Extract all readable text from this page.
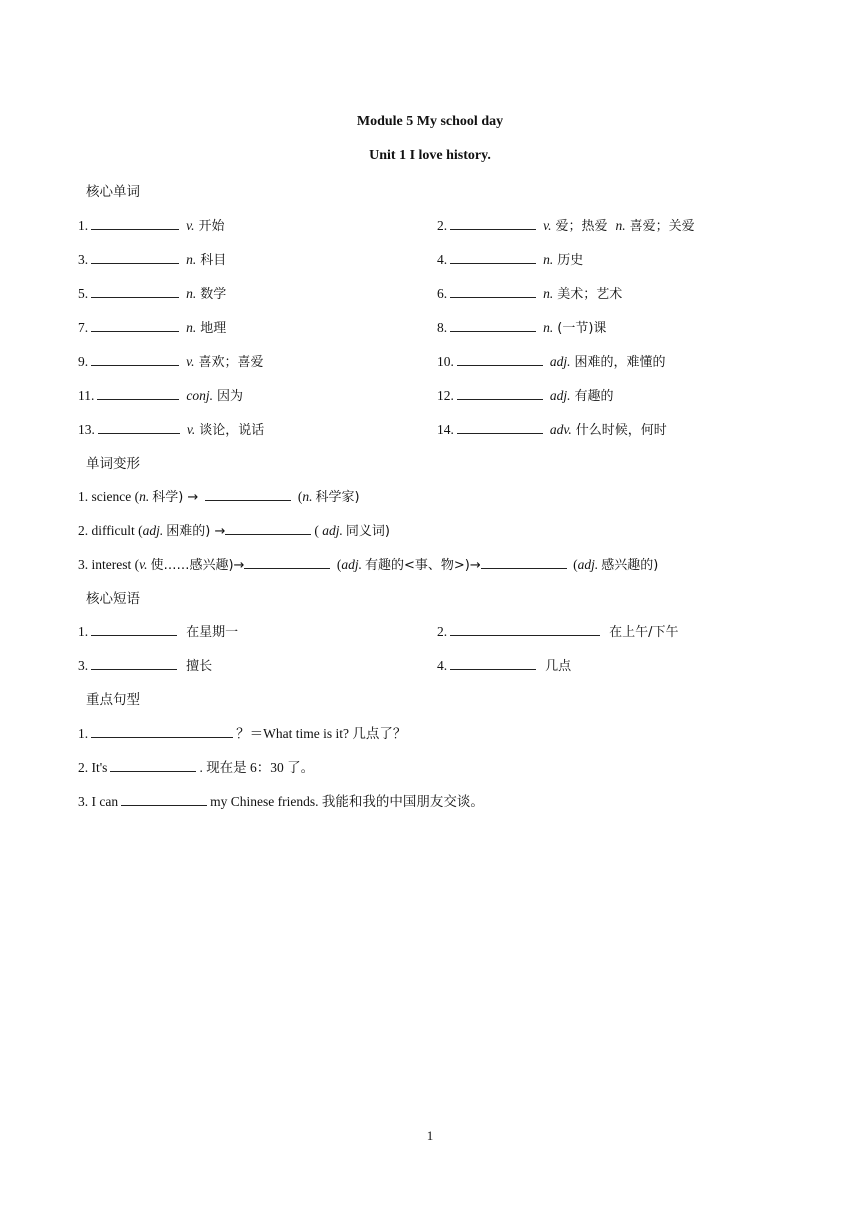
Module 5 My school day
Unit 1 I love history.
核心单词
1.	v. 开始	2.	v. 爱；热爱 n. 喜爱；关爱
3.	n. 科目	4.	n. 历史
5.	n. 数学	6.	n. 美术；艺术
7.	n. 地理	8.	n. (一节)课
9.	v. 喜欢；喜爱	10.	adj. 困难的，难懂的
11.	conj. 因为	12.	adj. 有趣的
13.	v. 谈论，说话	14.	adv. 什么时候，何时
单词变形
1. science (n. 科学) →	(n. 科学家)
2. difficult (adj. 困难的) →	( adj. 同义词)
3. interest (v. 使……感兴趣)→	(adj. 有趣的<事、物>)→	(adj. 感兴趣的)
核心短语
1.	在星期一	2.	在上午/下午
3.	擅长	4.	几点
重点句型
1.	？＝What time is it? 几点了？
2. It's	. 现在是 6：30 了。
3. I can	my Chinese friends. 我能和我的中国朋友交谈。
1
